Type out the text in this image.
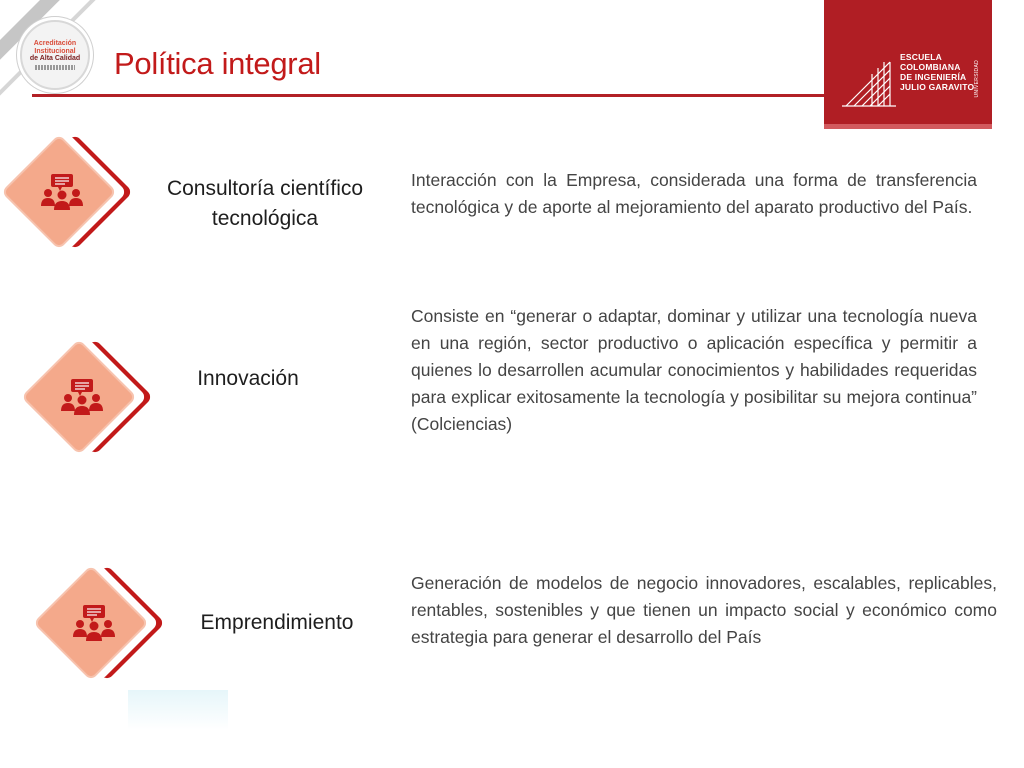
Acreditación
Institucional
de Alta Calidad Política integral	ESCUELA
COLOMBIANA
DE INGENIERÍA
JULIO GARAVITO UNIVERSIDAD
Consultoría científico tecnológica

Interacción con la Empresa, considerada una forma de transferencia tecnológica y de aporte al mejoramiento del aparato productivo del País.

Innovación

Consiste en “generar o adaptar, dominar y utilizar una tecnología nueva en una región, sector productivo o aplicación específica y permitir a quienes lo desarrollen acumular conocimientos y habilidades requeridas para explicar exitosamente la tecnología y posibilitar su mejora continua” (Colciencias)

Emprendimiento

Generación de modelos de negocio innovadores, escalables, replicables, rentables, sostenibles y que tienen un impacto social y económico como estrategia para generar el desarrollo del País
